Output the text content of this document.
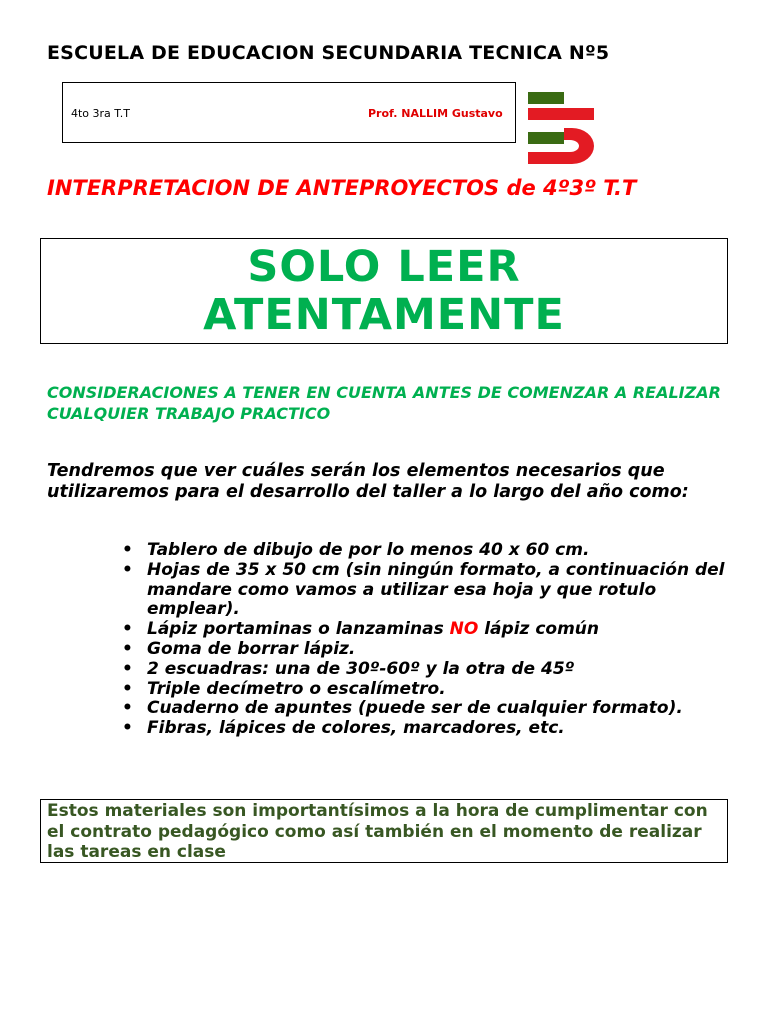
ESCUELA DE EDUCACION SECUNDARIA TECNICA Nº5
4to 3ra T.T	Prof. NALLIM Gustavo
INTERPRETACION DE ANTEPROYECTOS de 4º3º T.T
SOLO LEER
ATENTAMENTE
CONSIDERACIONES A TENER EN CUENTA ANTES DE COMENZAR A REALIZAR CUALQUIER TRABAJO PRACTICO
Tendremos que ver cuáles serán los elementos necesarios que utilizaremos para el desarrollo del taller a lo largo del año como:
• Tablero de dibujo de por lo menos 40 x 60 cm.
• Hojas de 35 x 50 cm (sin ningún formato, a continuación del mandare como vamos a utilizar esa hoja y que rotulo emplear).
• Lápiz portaminas o lanzaminas NO lápiz común
• Goma de borrar lápiz.
• 2 escuadras: una de 30º-60º y la otra de 45º
• Triple decímetro o escalímetro.
• Cuaderno de apuntes (puede ser de cualquier formato).
• Fibras, lápices de colores, marcadores, etc.
Estos materiales son importantísimos a la hora de cumplimentar con el contrato pedagógico como así también en el momento de realizar las tareas en clase
